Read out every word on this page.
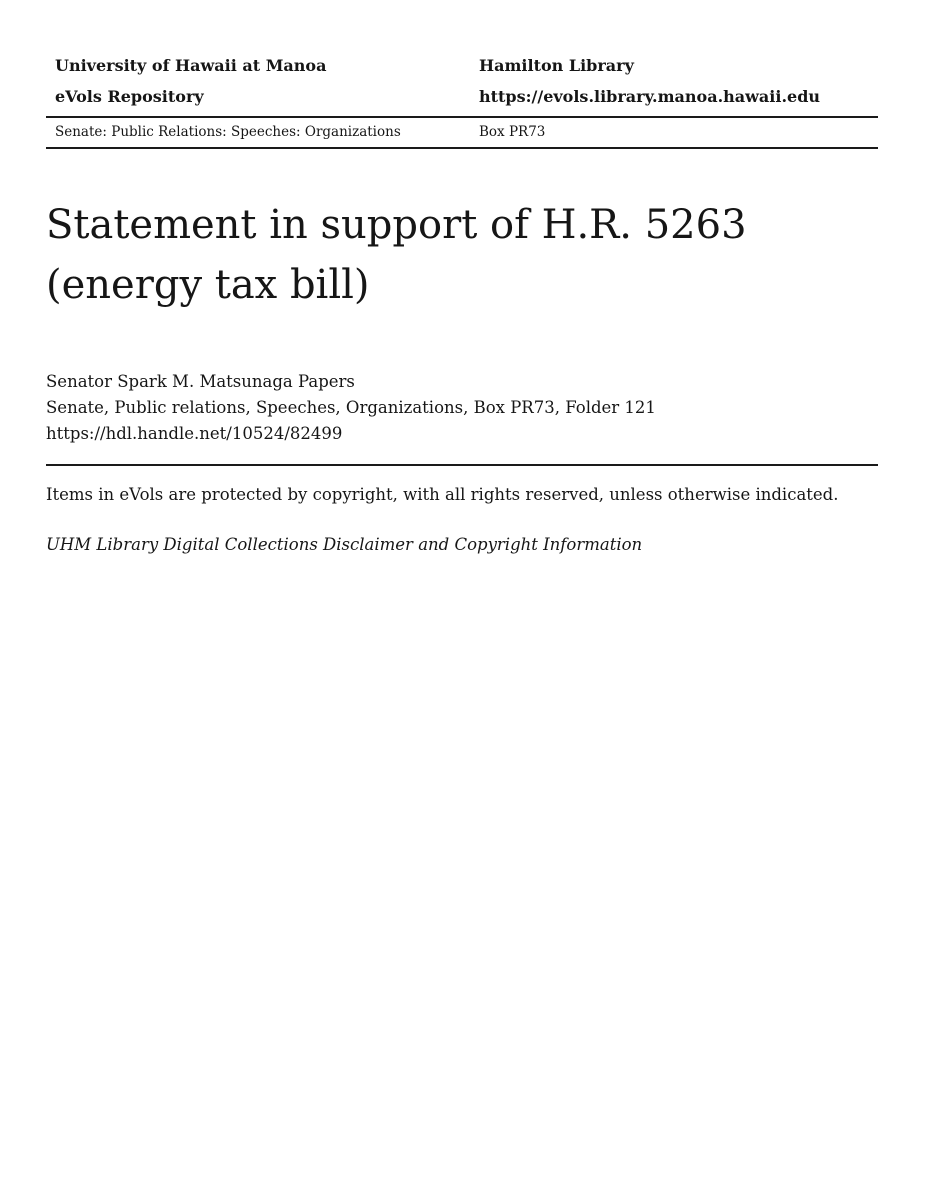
University of Hawaii at Manoa	Hamilton Library
eVols Repository	https://evols.library.manoa.hawaii.edu
Senate: Public Relations: Speeches: Organizations	Box PR73
Statement in support of H.R. 5263
(energy tax bill)
Senator Spark M. Matsunaga Papers
Senate, Public relations, Speeches, Organizations, Box PR73, Folder 121
https://hdl.handle.net/10524/82499

Items in eVols are protected by copyright, with all rights reserved, unless otherwise indicated.

UHM Library Digital Collections Disclaimer and Copyright Information
